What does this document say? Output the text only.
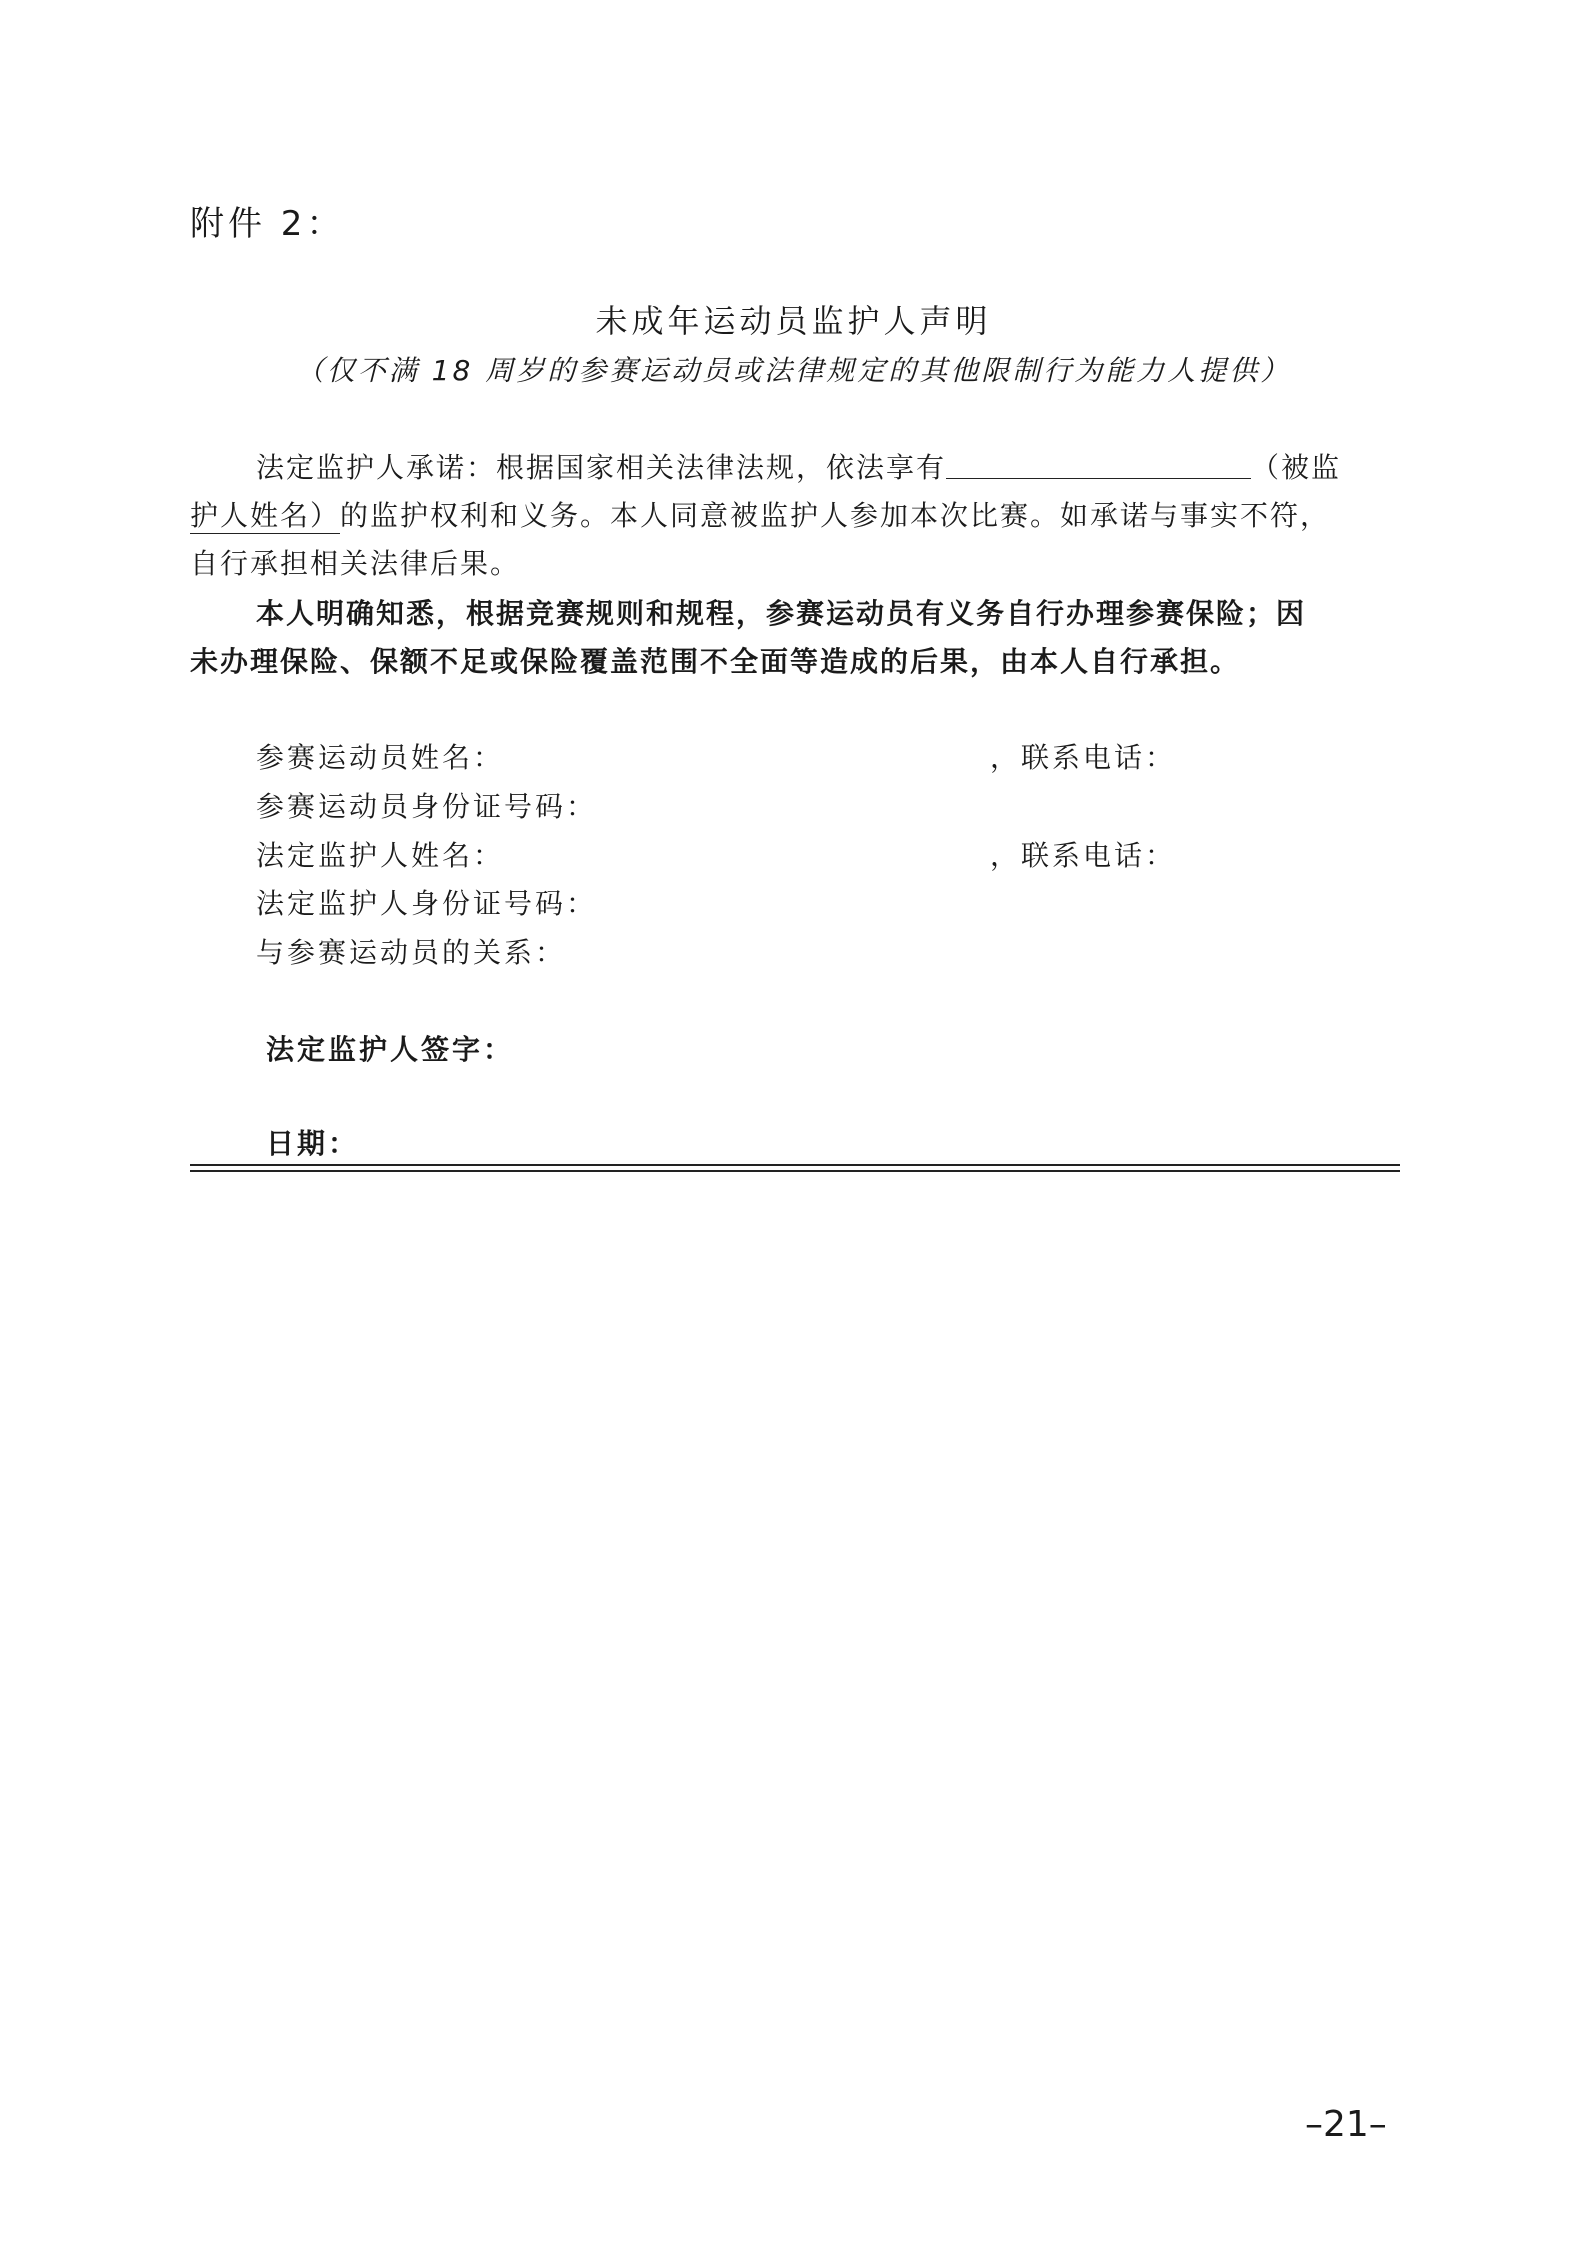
附件 2：
未成年运动员监护人声明
（仅不满 18 周岁的参赛运动员或法律规定的其他限制行为能力人提供）
法定监护人承诺：根据国家相关法律法规，依法享有	（被监
护人姓名）的监护权利和义务。本人同意被监护人参加本次比赛。如承诺与事实不符，
自行承担相关法律后果。
本人明确知悉，根据竞赛规则和规程，参赛运动员有义务自行办理参赛保险；因
未办理保险、保额不足或保险覆盖范围不全面等造成的后果，由本人自行承担。
参赛运动员姓名：	，联系电话：
参赛运动员身份证号码：
法定监护人姓名：	，联系电话：
法定监护人身份证号码：
与参赛运动员的关系：
法定监护人签字：
日期：
–21–
